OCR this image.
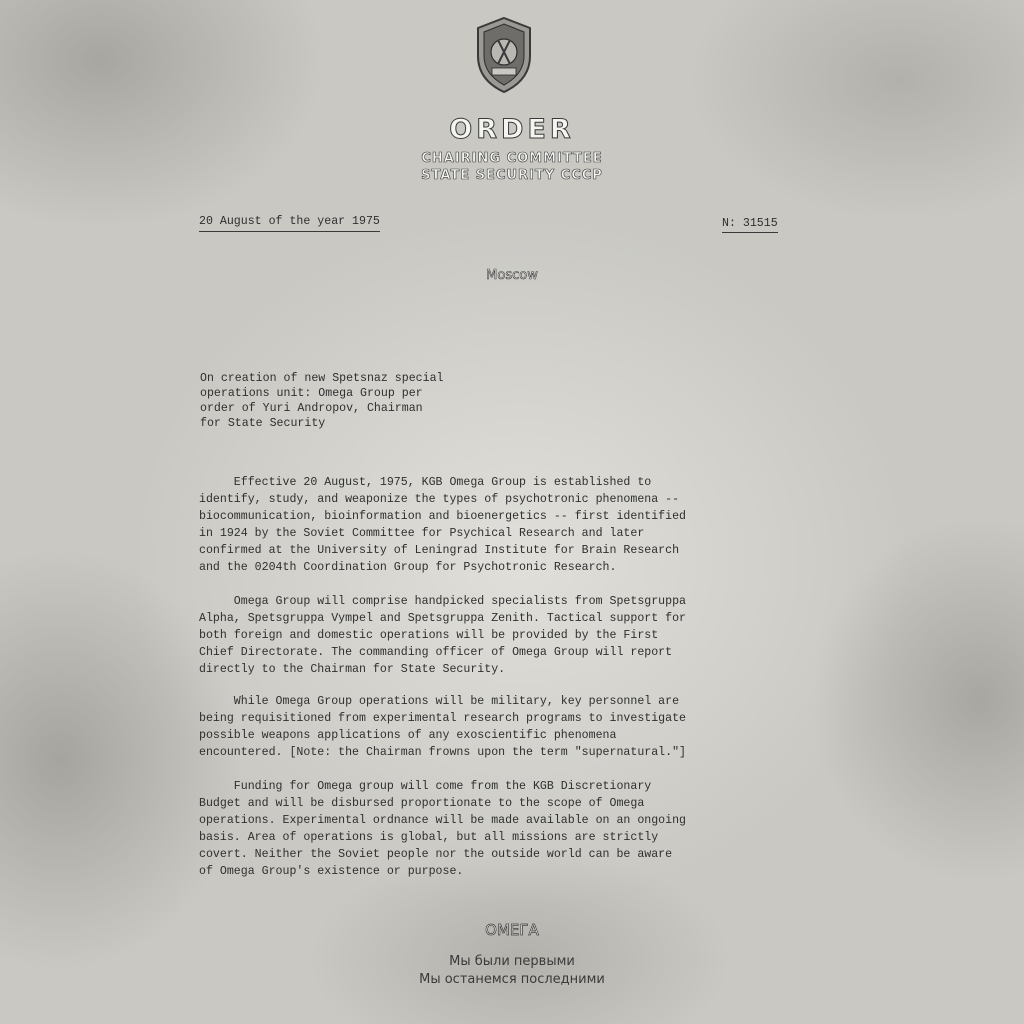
ORDER
CHAIRING COMMITTEE
STATE SECURITY CCCP
20 August of the year 1975	N: 31515
Moscow
On creation of new Spetsnaz special
operations unit: Omega Group per
order of Yuri Andropov, Chairman
for State Security
Effective 20 August, 1975, KGB Omega Group is established to
identify, study, and weaponize the types of psychotronic phenomena --
biocommunication, bioinformation and bioenergetics -- first identified
in 1924 by the Soviet Committee for Psychical Research and later
confirmed at the University of Leningrad Institute for Brain Research
and the 0204th Coordination Group for Psychotronic Research.
Omega Group will comprise handpicked specialists from Spetsgruppa
Alpha, Spetsgruppa Vympel and Spetsgruppa Zenith. Tactical support for
both foreign and domestic operations will be provided by the First
Chief Directorate. The commanding officer of Omega Group will report
directly to the Chairman for State Security.
While Omega Group operations will be military, key personnel are
being requisitioned from experimental research programs to investigate
possible weapons applications of any exoscientific phenomena
encountered. [Note: the Chairman frowns upon the term "supernatural."]
Funding for Omega group will come from the KGB Discretionary
Budget and will be disbursed proportionate to the scope of Omega
operations. Experimental ordnance will be made available on an ongoing
basis. Area of operations is global, but all missions are strictly
covert. Neither the Soviet people nor the outside world can be aware
of Omega Group's existence or purpose.
ОМЕГА
Мы были первыми
Мы останемся последними
